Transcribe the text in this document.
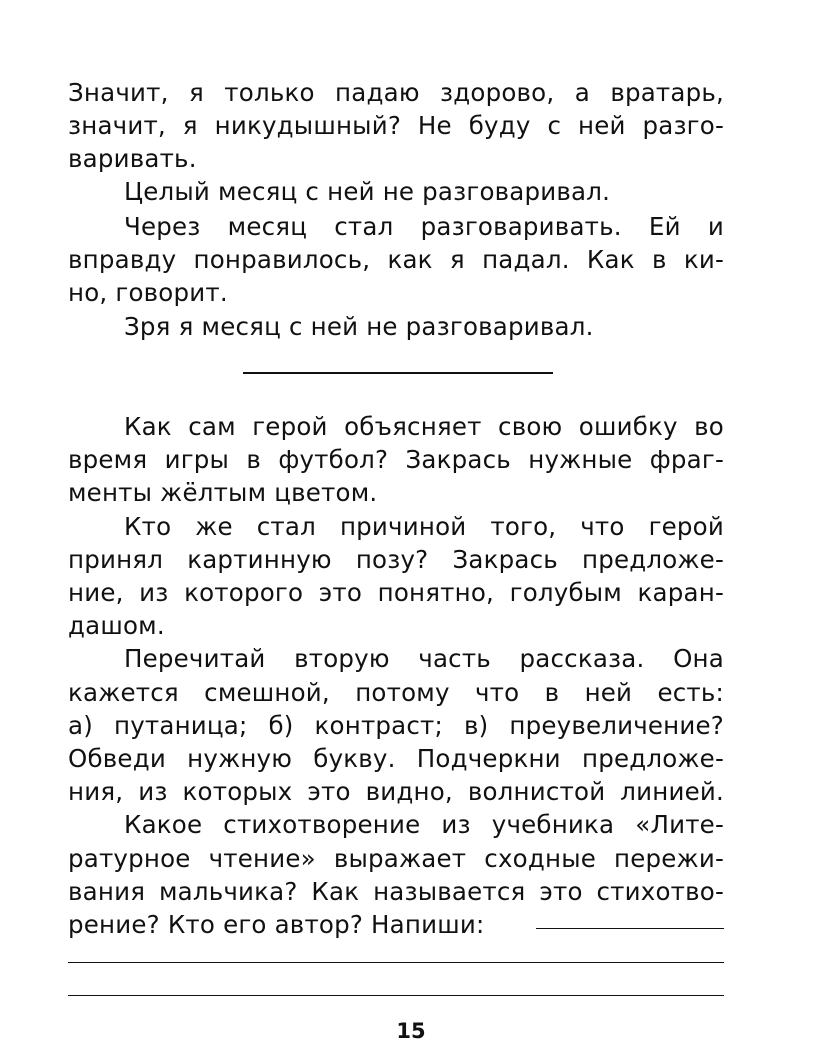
Значит, я только падаю здорово, а вратарь,
значит, я никудышный? Не буду с ней разго-
варивать.
Целый месяц с ней не разговаривал.
Через месяц стал разговаривать. Ей и
вправду понравилось, как я падал. Как в ки-
но, говорит.
Зря я месяц с ней не разговаривал.
Как сам герой объясняет свою ошибку во
время игры в футбол? Закрась нужные фраг-
менты жёлтым цветом.
Кто же стал причиной того, что герой
принял картинную позу? Закрась предложе-
ние, из которого это понятно, голубым каран-
дашом.
Перечитай вторую часть рассказа. Она
кажется смешной, потому что в ней есть:
а) путаница; б) контраст; в) преувеличение?
Обведи нужную букву. Подчеркни предложе-
ния, из которых это видно, волнистой линией.
Какое стихотворение из учебника «Лите-
ратурное чтение» выражает сходные пережи-
вания мальчика? Как называется это стихотво-
рение? Кто его автор? Напиши:
15
